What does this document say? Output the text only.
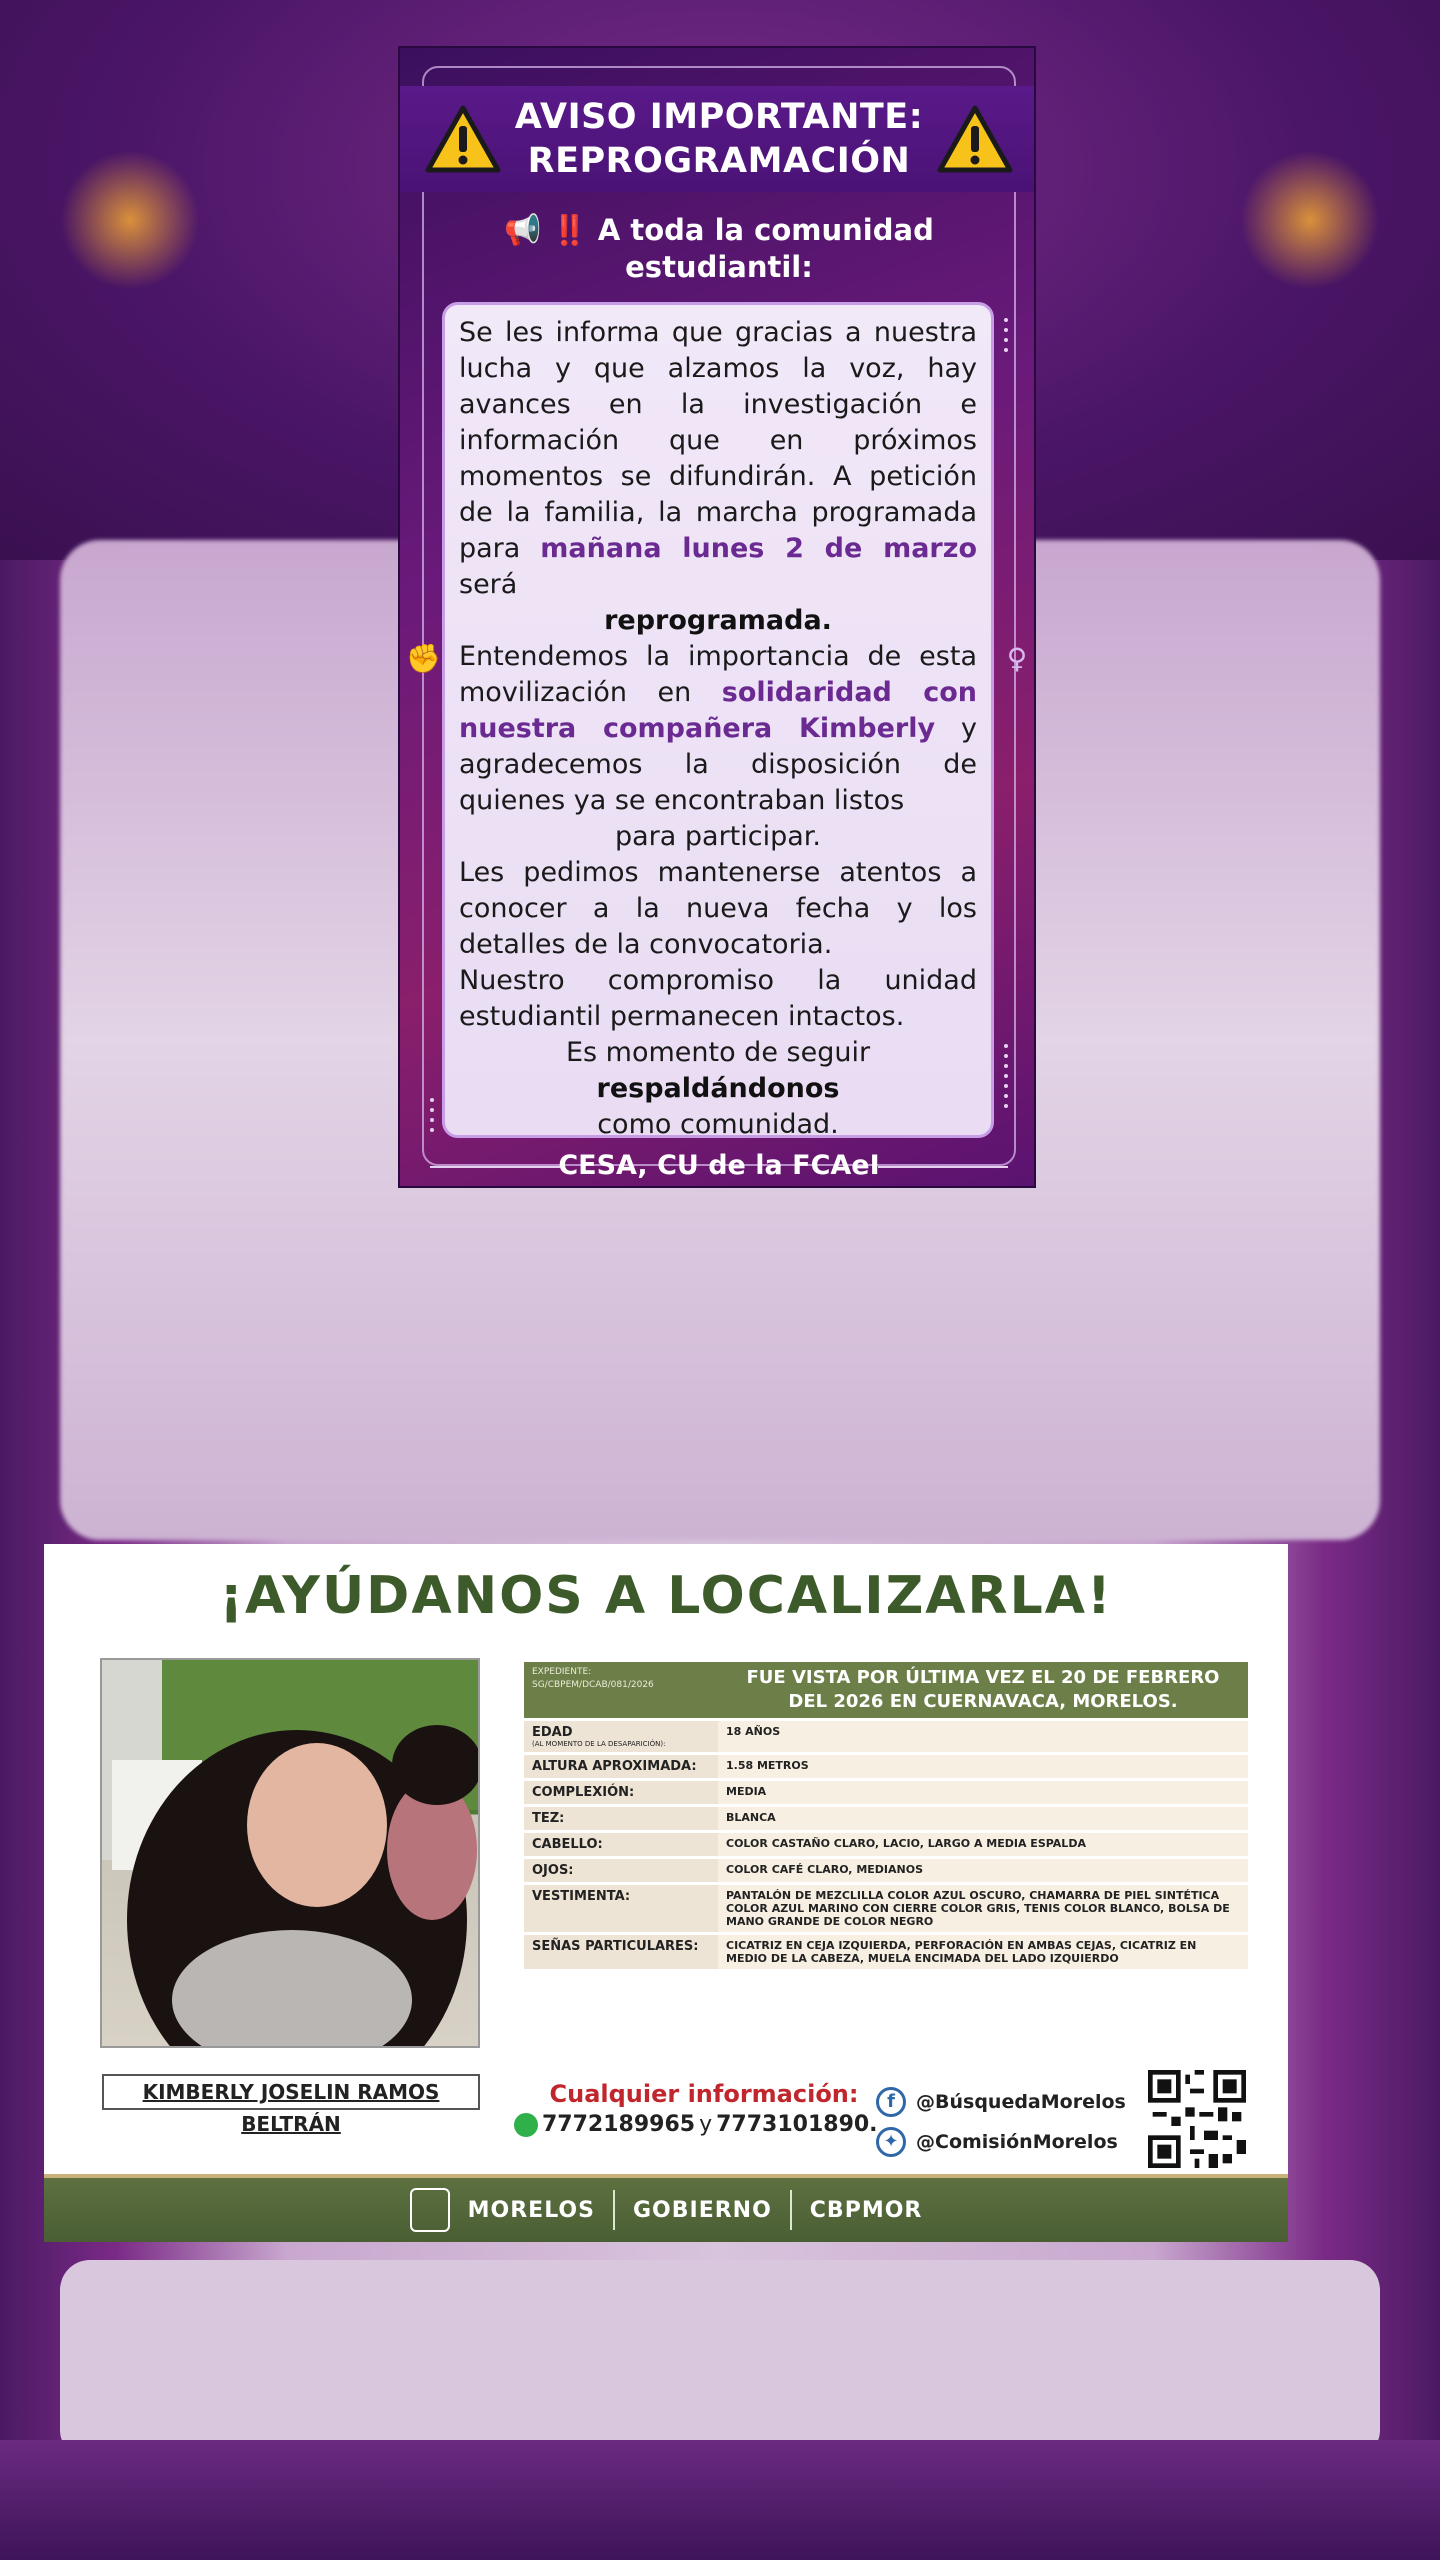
AVISO IMPORTANTE:
REPROGRAMACIÓN
📢 ‼️ A toda la comunidad
estudiantil:
✊	♀

Se les informa que gracias a nuestra lucha y que alzamos la voz, hay avances en la investigación e información que en próximos momentos se difundirán. A petición de la familia, la marcha programada para mañana lunes 2 de marzo será

reprogramada.

Entendemos la importancia de esta movilización en solidaridad con nuestra compañera Kimberly y agradecemos la disposición de quienes ya se encontraban listos

para participar.

Les pedimos mantenerse atentos a conocer a la nueva fecha y los detalles de la convocatoria.

Nuestro compromiso la unidad estudiantil permanecen intactos.

Es momento de seguir

respaldándonos

como comunidad.

CESA, CU de la FCAeI
¡AYÚDANOS A LOCALIZARLA!
KIMBERLY JOSELIN RAMOS BELTRÁN
EXPEDIENTE:
SG/CBPEM/DCAB/081/2026	FUE VISTA POR ÚLTIMA VEZ EL 20 DE FEBRERO DEL 2026 EN CUERNAVACA, MORELOS.
EDAD
(AL MOMENTO DE LA DESAPARICIÓN):	18 AÑOS
ALTURA APROXIMADA:	1.58 METROS
COMPLEXIÓN:	MEDIA
TEZ:	BLANCA
CABELLO:	COLOR CASTAÑO CLARO, LACIO, LARGO A MEDIA ESPALDA
OJOS:	COLOR CAFÉ CLARO, MEDIANOS
VESTIMENTA:	PANTALÓN DE MEZCLILLA COLOR AZUL OSCURO, CHAMARRA DE PIEL SINTÉTICA COLOR AZUL MARINO CON CIERRE COLOR GRIS, TENIS COLOR BLANCO, BOLSA DE MANO GRANDE DE COLOR NEGRO
SEÑAS PARTICULARES:	CICATRIZ EN CEJA IZQUIERDA, PERFORACIÓN EN AMBAS CEJAS, CICATRIZ EN MEDIO DE LA CABEZA, MUELA ENCIMADA DEL LADO IZQUIERDO
Cualquier información:
7772189965 y 7773101890.
f	@BúsquedaMorelos
✦ @ComisiónMorelos
MORELOS GOBIERNO CBPMOR
